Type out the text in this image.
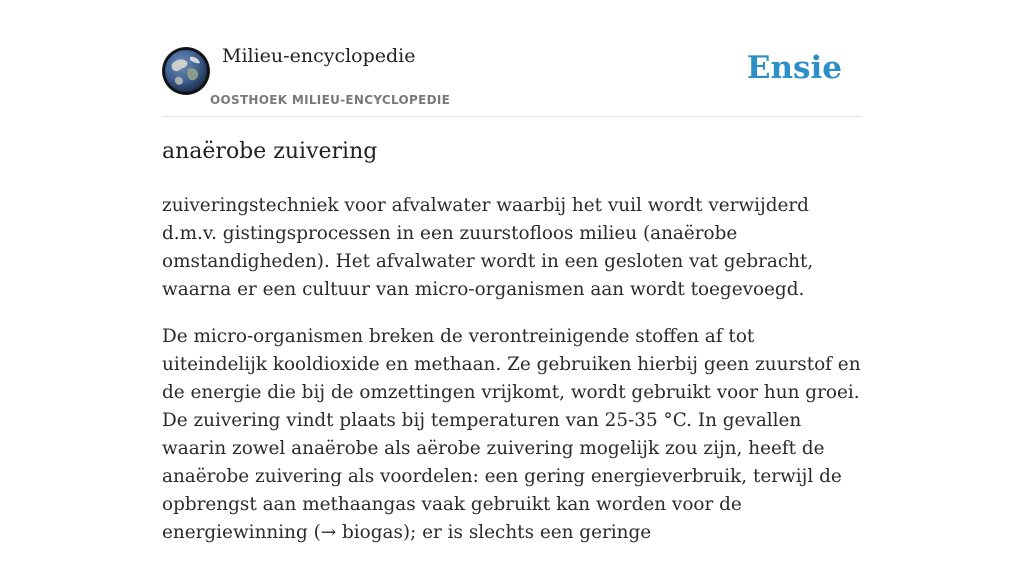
Milieu-encyclopedie
OOSTHOEK MILIEU-ENCYCLOPEDIE
Ensie
anaërobe zuivering

zuiveringstechniek voor afvalwater waarbij het vuil wordt verwijderd d.m.v. gistingsprocessen in een zuurstofloos milieu (anaërobe omstandigheden). Het afvalwater wordt in een gesloten vat gebracht, waarna er een cultuur van micro-organismen aan wordt toegevoegd.

De micro-organismen breken de verontreinigende stoffen af tot uiteindelijk kooldioxide en methaan. Ze gebruiken hierbij geen zuurstof en de energie die bij de omzettingen vrijkomt, wordt gebruikt voor hun groei. De zuivering vindt plaats bij temperaturen van 25-35 °C. In gevallen waarin zowel anaërobe als aërobe zuivering mogelijk zou zijn, heeft de anaërobe zuivering als voordelen: een gering energieverbruik, terwijl de opbrengst aan methaangas vaak gebruikt kan worden voor de energiewinning (→ biogas); er is slechts een geringe
